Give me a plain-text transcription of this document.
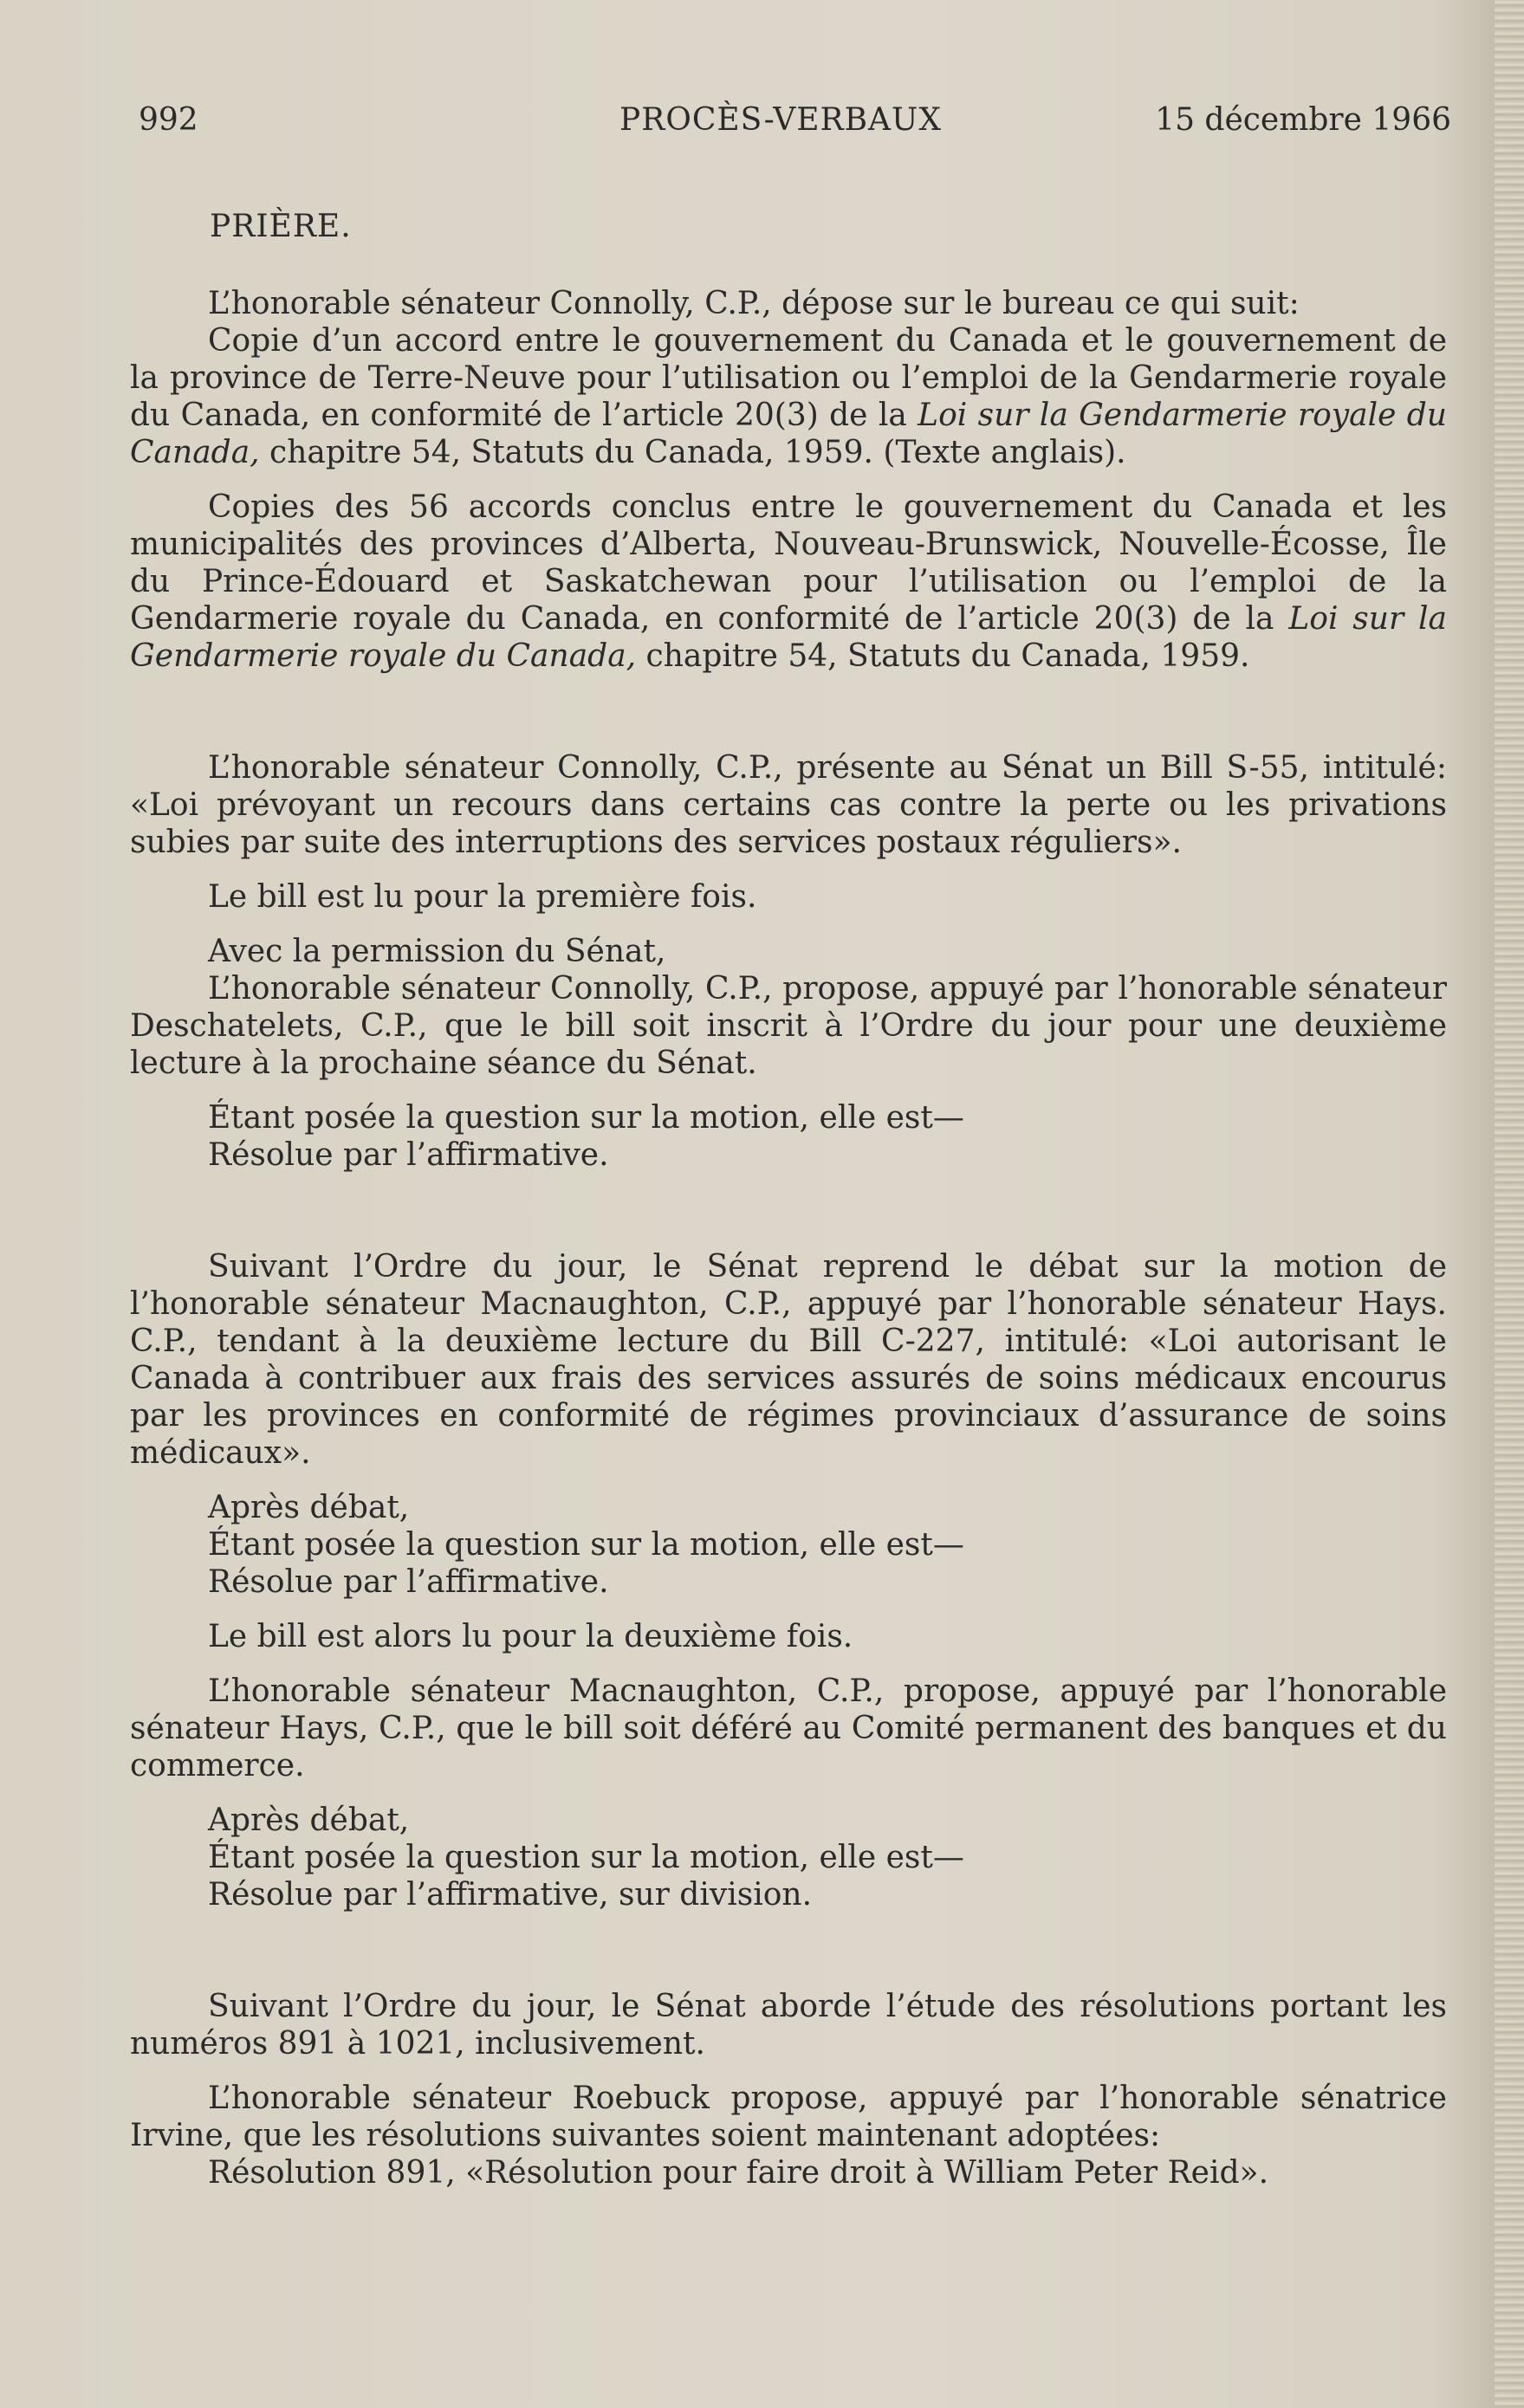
992	PROCÈS-VERBAUX	15 décembre 1966

PRIÈRE.

L’honorable sénateur Connolly, C.P., dépose sur le bureau ce qui suit:

Copie d’un accord entre le gouvernement du Canada et le gouvernement de la province de Terre-Neuve pour l’utilisation ou l’emploi de la Gendarmerie royale du Canada, en conformité de l’article 20(3) de la Loi sur la Gendarmerie royale du Canada, chapitre 54, Statuts du Canada, 1959. (Texte anglais).

Copies des 56 accords conclus entre le gouvernement du Canada et les municipalités des provinces d’Alberta, Nouveau-Brunswick, Nouvelle-Écosse, Île du Prince-Édouard et Saskatchewan pour l’utilisation ou l’emploi de la Gendarmerie royale du Canada, en conformité de l’article 20(3) de la Loi sur la Gendarmerie royale du Canada, chapitre 54, Statuts du Canada, 1959.

L’honorable sénateur Connolly, C.P., présente au Sénat un Bill S-55, intitulé: «Loi prévoyant un recours dans certains cas contre la perte ou les privations subies par suite des interruptions des services postaux réguliers».

Le bill est lu pour la première fois.

Avec la permission du Sénat,

L’honorable sénateur Connolly, C.P., propose, appuyé par l’honorable sénateur Deschatelets, C.P., que le bill soit inscrit à l’Ordre du jour pour une deuxième lecture à la prochaine séance du Sénat.

Étant posée la question sur la motion, elle est—

Résolue par l’affirmative.

Suivant l’Ordre du jour, le Sénat reprend le débat sur la motion de l’honorable sénateur Macnaughton, C.P., appuyé par l’honorable sénateur Hays. C.P., tendant à la deuxième lecture du Bill C-227, intitulé: «Loi autorisant le Canada à contribuer aux frais des services assurés de soins médicaux encourus par les provinces en conformité de régimes provinciaux d’assurance de soins médicaux».

Après débat,

Étant posée la question sur la motion, elle est—

Résolue par l’affirmative.

Le bill est alors lu pour la deuxième fois.

L’honorable sénateur Macnaughton, C.P., propose, appuyé par l’honorable sénateur Hays, C.P., que le bill soit déféré au Comité permanent des banques et du commerce.

Après débat,

Étant posée la question sur la motion, elle est—

Résolue par l’affirmative, sur division.

Suivant l’Ordre du jour, le Sénat aborde l’étude des résolutions portant les numéros 891 à 1021, inclusivement.

L’honorable sénateur Roebuck propose, appuyé par l’honorable sénatrice Irvine, que les résolutions suivantes soient maintenant adoptées:

Résolution 891, «Résolution pour faire droit à William Peter Reid».
